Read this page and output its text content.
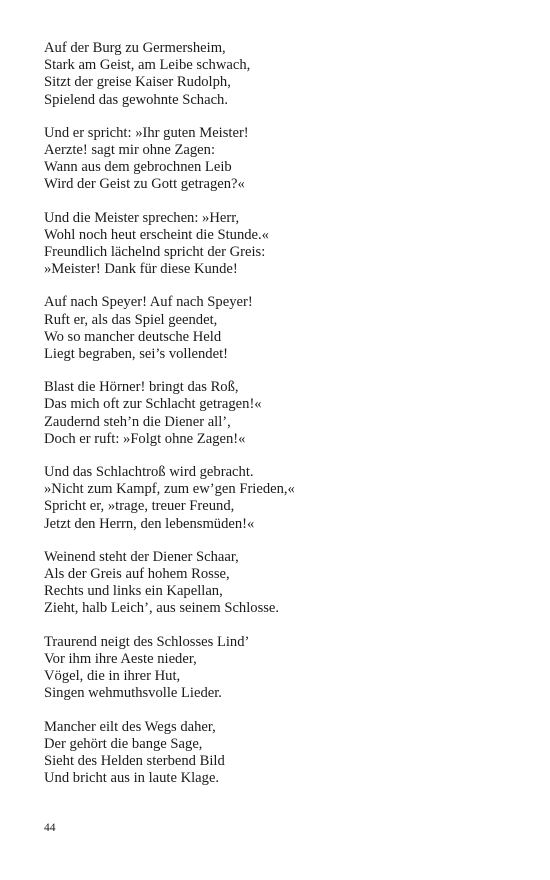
Auf der Burg zu Germersheim,
Stark am Geist, am Leibe schwach,
Sitzt der greise Kaiser Rudolph,
Spielend das gewohnte Schach.
Und er spricht: »Ihr guten Meister!
Aerzte! sagt mir ohne Zagen:
Wann aus dem gebrochnen Leib
Wird der Geist zu Gott getragen?«
Und die Meister sprechen: »Herr,
Wohl noch heut erscheint die Stunde.«
Freundlich lächelnd spricht der Greis:
»Meister! Dank für diese Kunde!
Auf nach Speyer! Auf nach Speyer!
Ruft er, als das Spiel geendet,
Wo so mancher deutsche Held
Liegt begraben, sei’s vollendet!
Blast die Hörner! bringt das Roß,
Das mich oft zur Schlacht getragen!«
Zaudernd steh’n die Diener all’,
Doch er ruft: »Folgt ohne Zagen!«
Und das Schlachtroß wird gebracht.
»Nicht zum Kampf, zum ew’gen Frieden,«
Spricht er, »trage, treuer Freund,
Jetzt den Herrn, den lebensmüden!«
Weinend steht der Diener Schaar,
Als der Greis auf hohem Rosse,
Rechts und links ein Kapellan,
Zieht, halb Leich’, aus seinem Schlosse.
Traurend neigt des Schlosses Lind’
Vor ihm ihre Aeste nieder,
Vögel, die in ihrer Hut,
Singen wehmuthsvolle Lieder.
Mancher eilt des Wegs daher,
Der gehört die bange Sage,
Sieht des Helden sterbend Bild
Und bricht aus in laute Klage.
44
